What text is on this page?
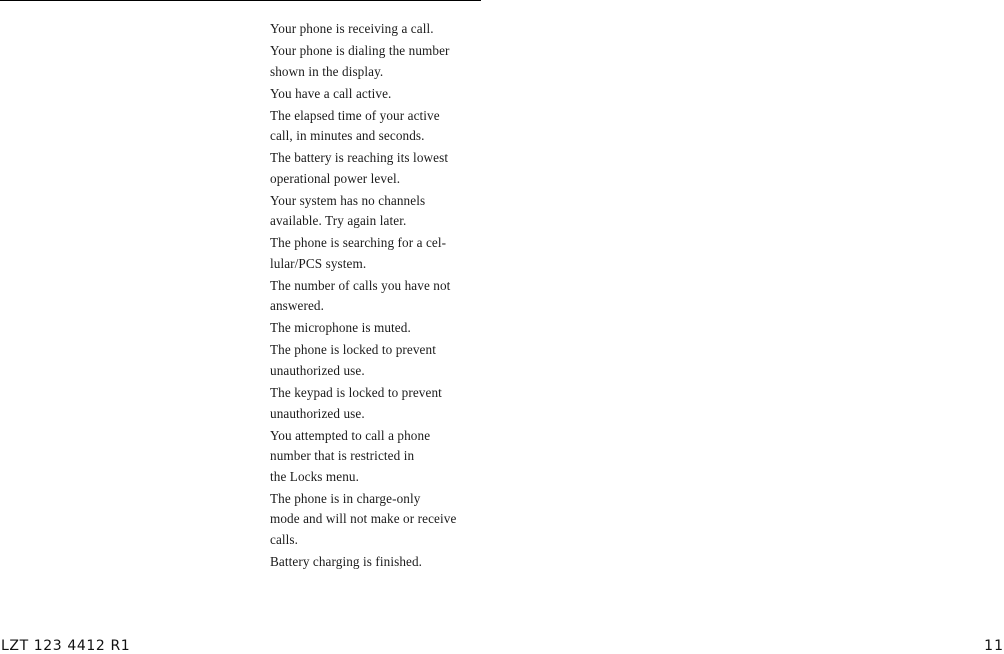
Your phone is receiving a call.
Your phone is dialing the number
shown in the display.
You have a call active.
The elapsed time of your active
call, in minutes and seconds.
The battery is reaching its lowest
operational power level.
Your system has no channels
available. Try again later.
The phone is searching for a cel-
lular/PCS system.
The number of calls you have not
answered.
The microphone is muted.
The phone is locked to prevent
unauthorized use.
The keypad is locked to prevent
unauthorized use.
You attempted to call a phone
number that is restricted in
the Locks menu.
The phone is in charge-only
mode and will not make or receive
calls.
Battery charging is finished.
LZT 123 4412 R1	11
